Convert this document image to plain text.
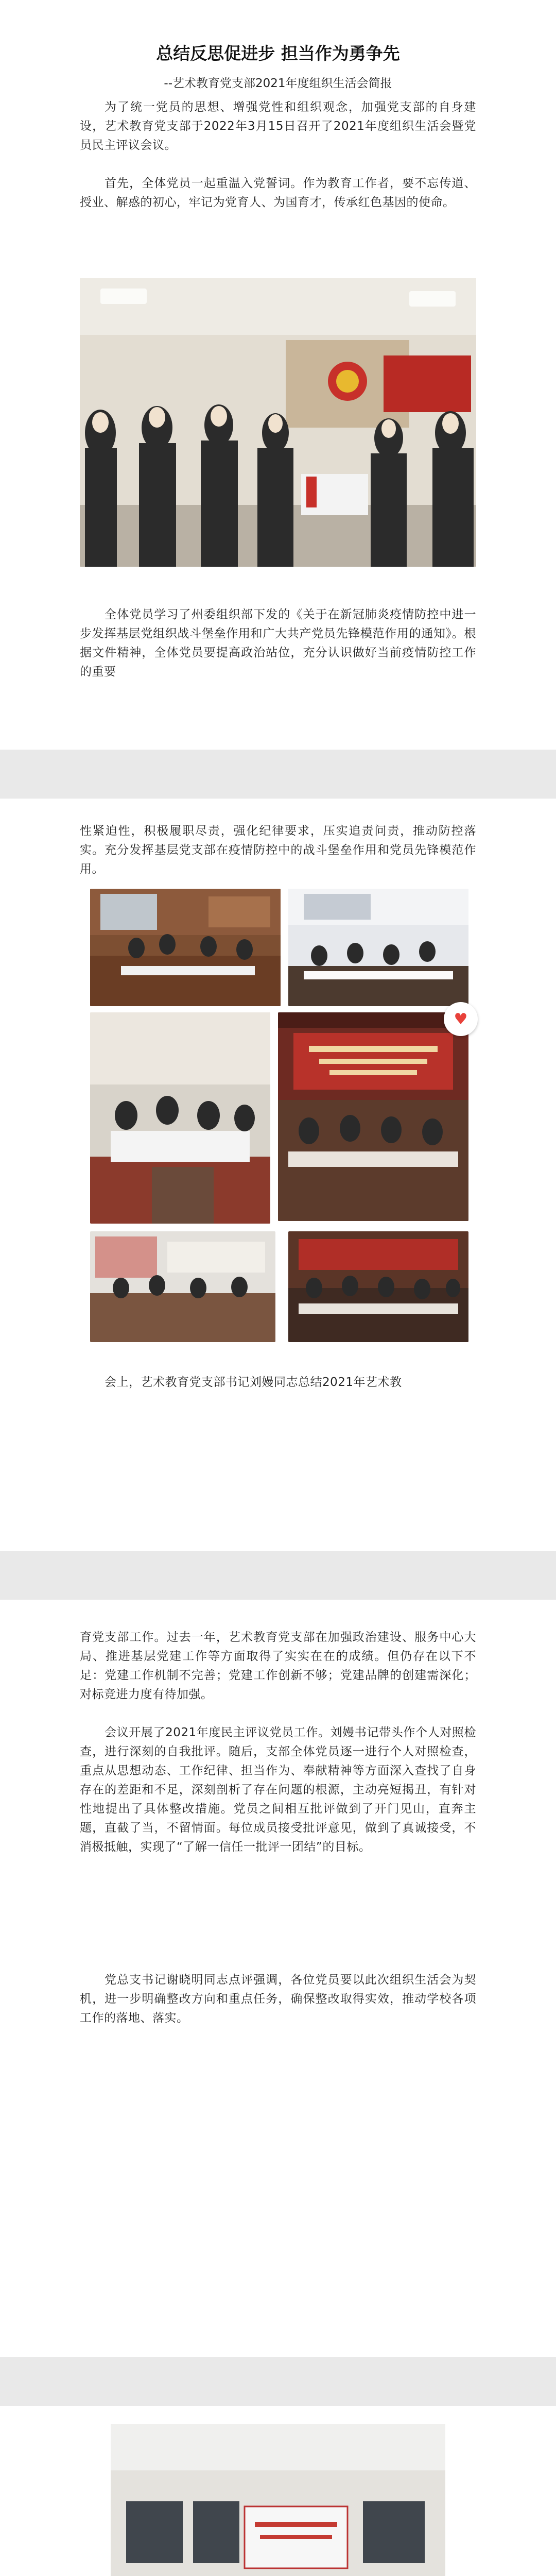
总结反思促进步 担当作为勇争先
--艺术教育党支部2021年度组织生活会简报

为了统一党员的思想、增强党性和组织观念，加强党支部的自身建设，艺术教育党支部于2022年3月15日召开了2021年度组织生活会暨党员民主评议会议。

首先，全体党员一起重温入党誓词。作为教育工作者，要不忘传道、授业、解惑的初心，牢记为党育人、为国育才，传承红色基因的使命。

全体党员学习了州委组织部下发的《关于在新冠肺炎疫情防控中进一步发挥基层党组织战斗堡垒作用和广大共产党员先锋模范作用的通知》。根据文件精神，全体党员要提高政治站位，充分认识做好当前疫情防控工作的重要

性紧迫性，积极履职尽责，强化纪律要求，压实追责问责，推动防控落实。充分发挥基层党支部在疫情防控中的战斗堡垒作用和党员先锋模范作用。

♥

会上，艺术教育党支部书记刘嫚同志总结2021年艺术教

育党支部工作。过去一年，艺术教育党支部在加强政治建设、服务中心大局、推进基层党建工作等方面取得了实实在在的成绩。但仍存在以下不足：党建工作机制不完善；党建工作创新不够；党建品牌的创建需深化；对标竞进力度有待加强。

会议开展了2021年度民主评议党员工作。刘嫚书记带头作个人对照检查，进行深刻的自我批评。随后，支部全体党员逐一进行个人对照检查，重点从思想动态、工作纪律、担当作为、奉献精神等方面深入查找了自身存在的差距和不足，深刻剖析了存在问题的根源，主动亮短揭丑，有针对性地提出了具体整改措施。党员之间相互批评做到了开门见山，直奔主题，直截了当，不留情面。每位成员接受批评意见，做到了真诚接受，不消极抵触，实现了“了解一信任一批评一团结”的目标。

党总支书记谢晓明同志点评强调，各位党员要以此次组织生活会为契机，进一步明确整改方向和重点任务，确保整改取得实效，推动学校各项工作的落地、落实。
